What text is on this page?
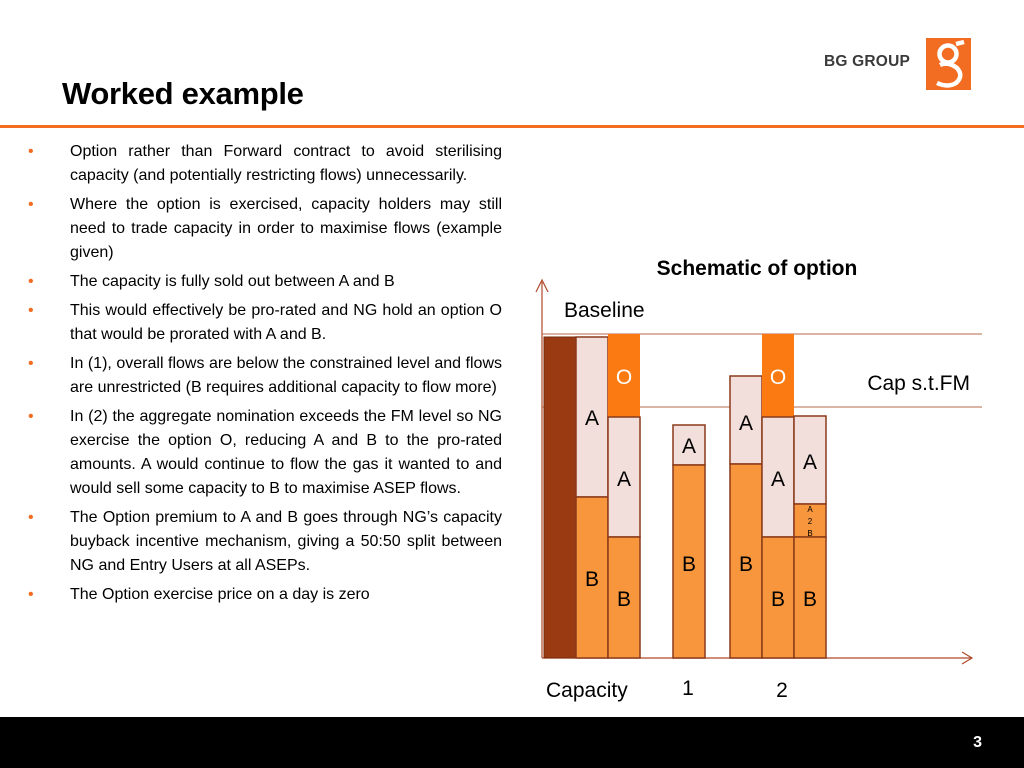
Worked example
BG GROUP
• Option rather than Forward contract to avoid sterilising capacity (and potentially restricting flows) unnecessarily.
• Where the option is exercised, capacity holders may still need to trade capacity in order to maximise flows (example given)
• The capacity is fully sold out between A and B
• This would effectively be pro-rated and NG hold an option O that would be prorated with A and B.
• In (1), overall flows are below the constrained level and flows are unrestricted (B requires additional capacity to flow more)
• In (2) the aggregate nomination exceeds the FM level so NG exercise the option O, reducing A and B to the pro-rated amounts. A would continue to flow the gas it wanted to and would sell some capacity to B to maximise ASEP flows.
• The Option premium to A and B goes through NG’s capacity buyback incentive mechanism, giving a 50:50 split between NG and Entry Users at all ASEPs.
• The Option exercise price on a day is zero
Schematic of option
Baseline
Cap s.t.FM
Capacity	1	2
A
B
O
A
B
A
B
A
B
O
A
B
A
A
2
B
B
3
